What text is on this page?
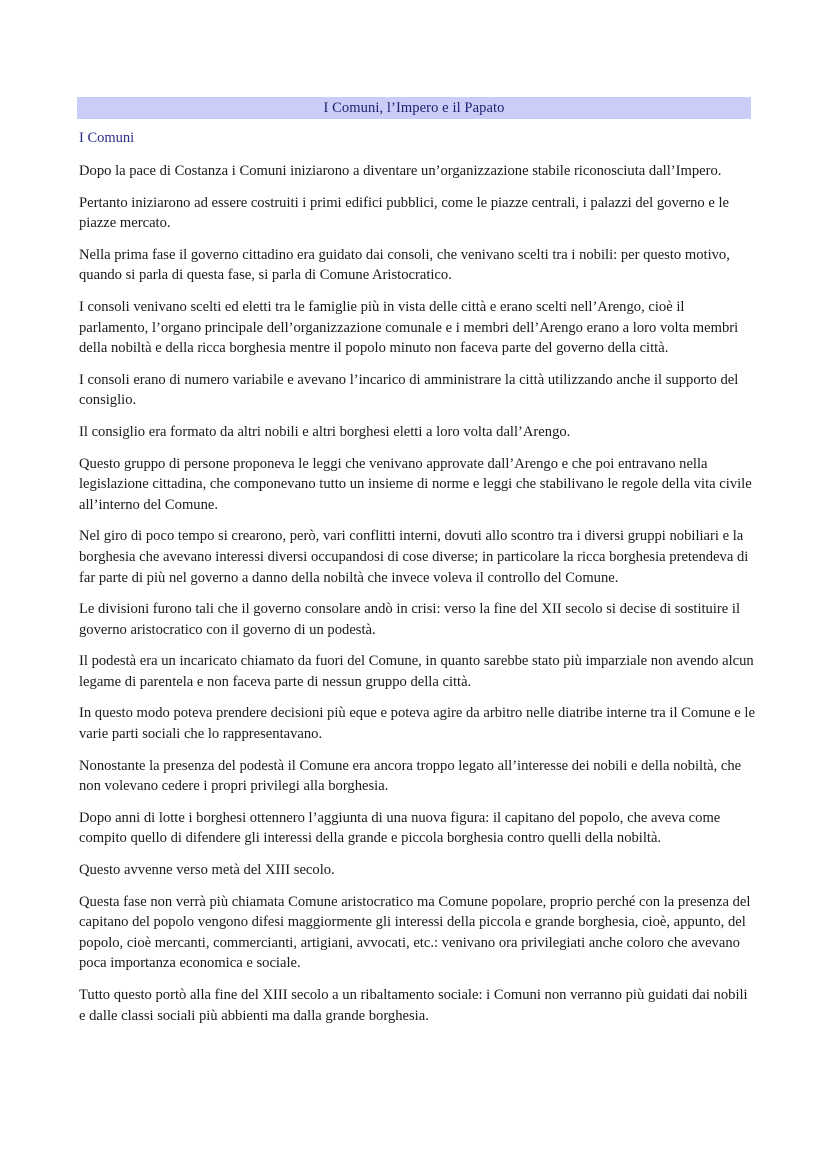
I Comuni, l’Impero e il Papato
I Comuni

Dopo la pace di Costanza i Comuni iniziarono a diventare un’organizzazione stabile riconosciuta dall’Impero.

Pertanto iniziarono ad essere costruiti i primi edifici pubblici, come le piazze centrali, i palazzi del governo e le piazze mercato.

Nella prima fase il governo cittadino era guidato dai consoli, che venivano scelti tra i nobili: per questo motivo, quando si parla di questa fase, si parla di Comune Aristocratico.

I consoli venivano scelti ed eletti tra le famiglie più in vista delle città e erano scelti nell’Arengo, cioè il parlamento, l’organo principale dell’organizzazione comunale e i membri dell’Arengo erano a loro volta membri della nobiltà e della ricca borghesia mentre il popolo minuto non faceva parte del governo della città.

I consoli erano di numero variabile e avevano l’incarico di amministrare la città utilizzando anche il supporto del consiglio.

Il consiglio era formato da altri nobili e altri borghesi eletti a loro volta dall’Arengo.

Questo gruppo di persone proponeva le leggi che venivano approvate dall’Arengo e che poi entravano nella legislazione cittadina, che componevano tutto un insieme di norme e leggi che stabilivano le regole della vita civile all’interno del Comune.

Nel giro di poco tempo si crearono, però, vari conflitti interni, dovuti allo scontro tra i diversi gruppi nobiliari e la borghesia che avevano interessi diversi occupandosi di cose diverse; in particolare la ricca borghesia pretendeva di far parte di più nel governo a danno della nobiltà che invece voleva il controllo del Comune.

Le divisioni furono tali che il governo consolare andò in crisi: verso la fine del XII secolo si decise di sostituire il governo aristocratico con il governo di un podestà.

Il podestà era un incaricato chiamato da fuori del Comune, in quanto sarebbe stato più imparziale non avendo alcun legame di parentela e non faceva parte di nessun gruppo della città.

In questo modo poteva prendere decisioni più eque e poteva agire da arbitro nelle diatribe interne tra il Comune e le varie parti sociali che lo rappresentavano.

Nonostante la presenza del podestà il Comune era ancora troppo legato all’interesse dei nobili e della nobiltà, che non volevano cedere i propri privilegi alla borghesia.

Dopo anni di lotte i borghesi ottennero l’aggiunta di una nuova figura: il capitano del popolo, che aveva come compito quello di difendere gli interessi della grande e piccola borghesia contro quelli della nobiltà.

Questo avvenne verso metà del XIII secolo.

Questa fase non verrà più chiamata Comune aristocratico ma Comune popolare, proprio perché con la presenza del capitano del popolo vengono difesi maggiormente gli interessi della piccola e grande borghesia, cioè, appunto, del popolo, cioè mercanti, commercianti, artigiani, avvocati, etc.: venivano ora privilegiati anche coloro che avevano poca importanza economica e sociale.

Tutto questo portò alla fine del XIII secolo a un ribaltamento sociale: i Comuni non verranno più guidati dai nobili e dalle classi sociali più abbienti ma dalla grande borghesia.
